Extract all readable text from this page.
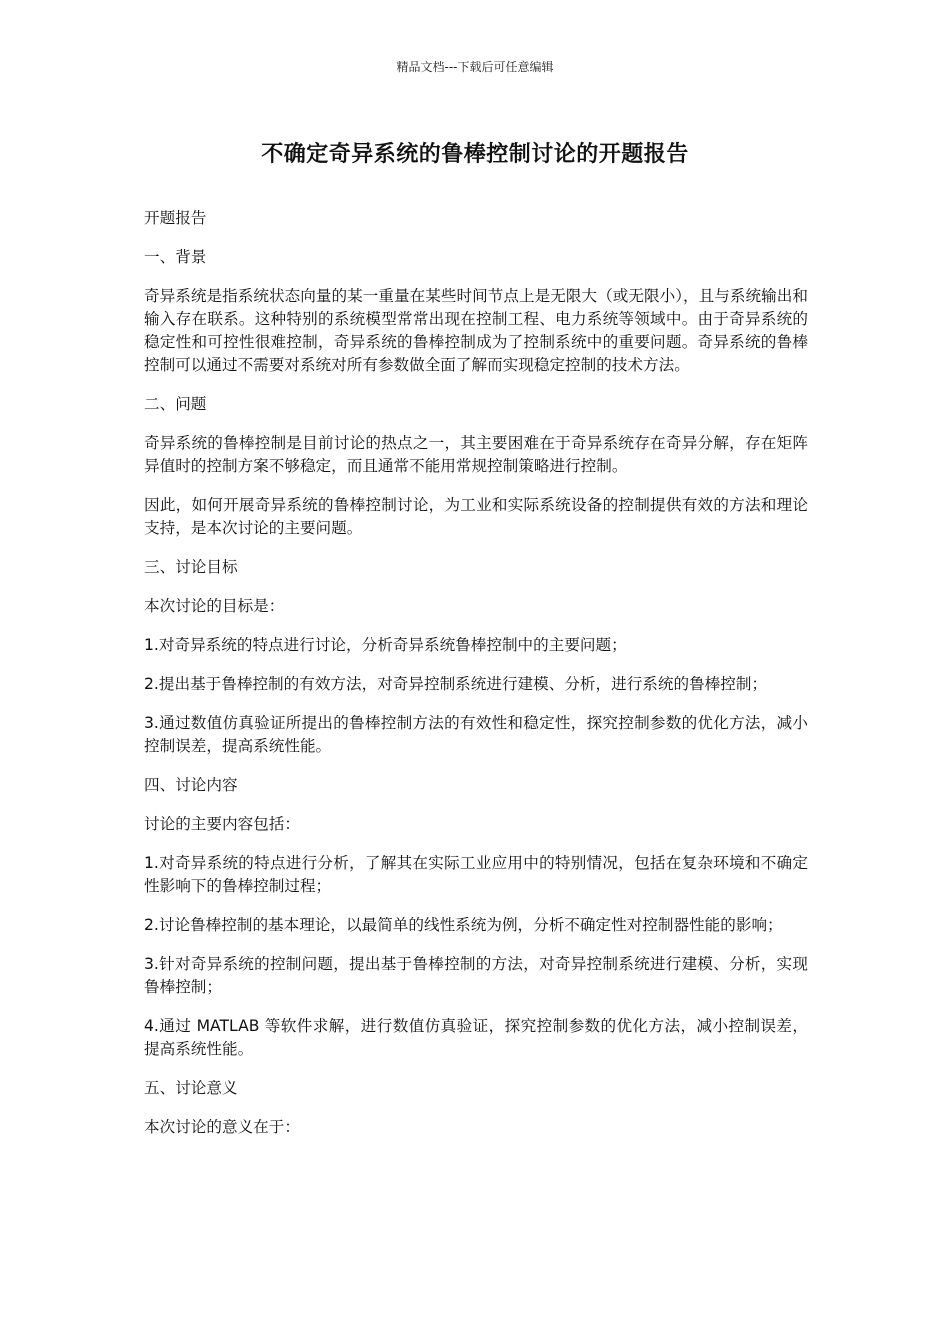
精品文档---下载后可任意编辑
不确定奇异系统的鲁棒控制讨论的开题报告

开题报告

一、背景

奇异系统是指系统状态向量的某一重量在某些时间节点上是无限大（或无限小），且与系统输出和输入存在联系。这种特别的系统模型常常出现在控制工程、电力系统等领域中。由于奇异系统的稳定性和可控性很难控制，奇异系统的鲁棒控制成为了控制系统中的重要问题。奇异系统的鲁棒控制可以通过不需要对系统对所有参数做全面了解而实现稳定控制的技术方法。

二、问题

奇异系统的鲁棒控制是目前讨论的热点之一，其主要困难在于奇异系统存在奇异分解，存在矩阵异值时的控制方案不够稳定，而且通常不能用常规控制策略进行控制。

因此，如何开展奇异系统的鲁棒控制讨论，为工业和实际系统设备的控制提供有效的方法和理论支持，是本次讨论的主要问题。

三、讨论目标

本次讨论的目标是：

1.对奇异系统的特点进行讨论，分析奇异系统鲁棒控制中的主要问题；

2.提出基于鲁棒控制的有效方法，对奇异控制系统进行建模、分析，进行系统的鲁棒控制；

3.通过数值仿真验证所提出的鲁棒控制方法的有效性和稳定性，探究控制参数的优化方法，减小控制误差，提高系统性能。

四、讨论内容

讨论的主要内容包括：

1.对奇异系统的特点进行分析，了解其在实际工业应用中的特别情况，包括在复杂环境和不确定性影响下的鲁棒控制过程；

2.讨论鲁棒控制的基本理论，以最简单的线性系统为例，分析不确定性对控制器性能的影响；

3.针对奇异系统的控制问题，提出基于鲁棒控制的方法，对奇异控制系统进行建模、分析，实现鲁棒控制；

4.通过 MATLAB 等软件求解，进行数值仿真验证，探究控制参数的优化方法，减小控制误差，提高系统性能。

五、讨论意义

本次讨论的意义在于：
